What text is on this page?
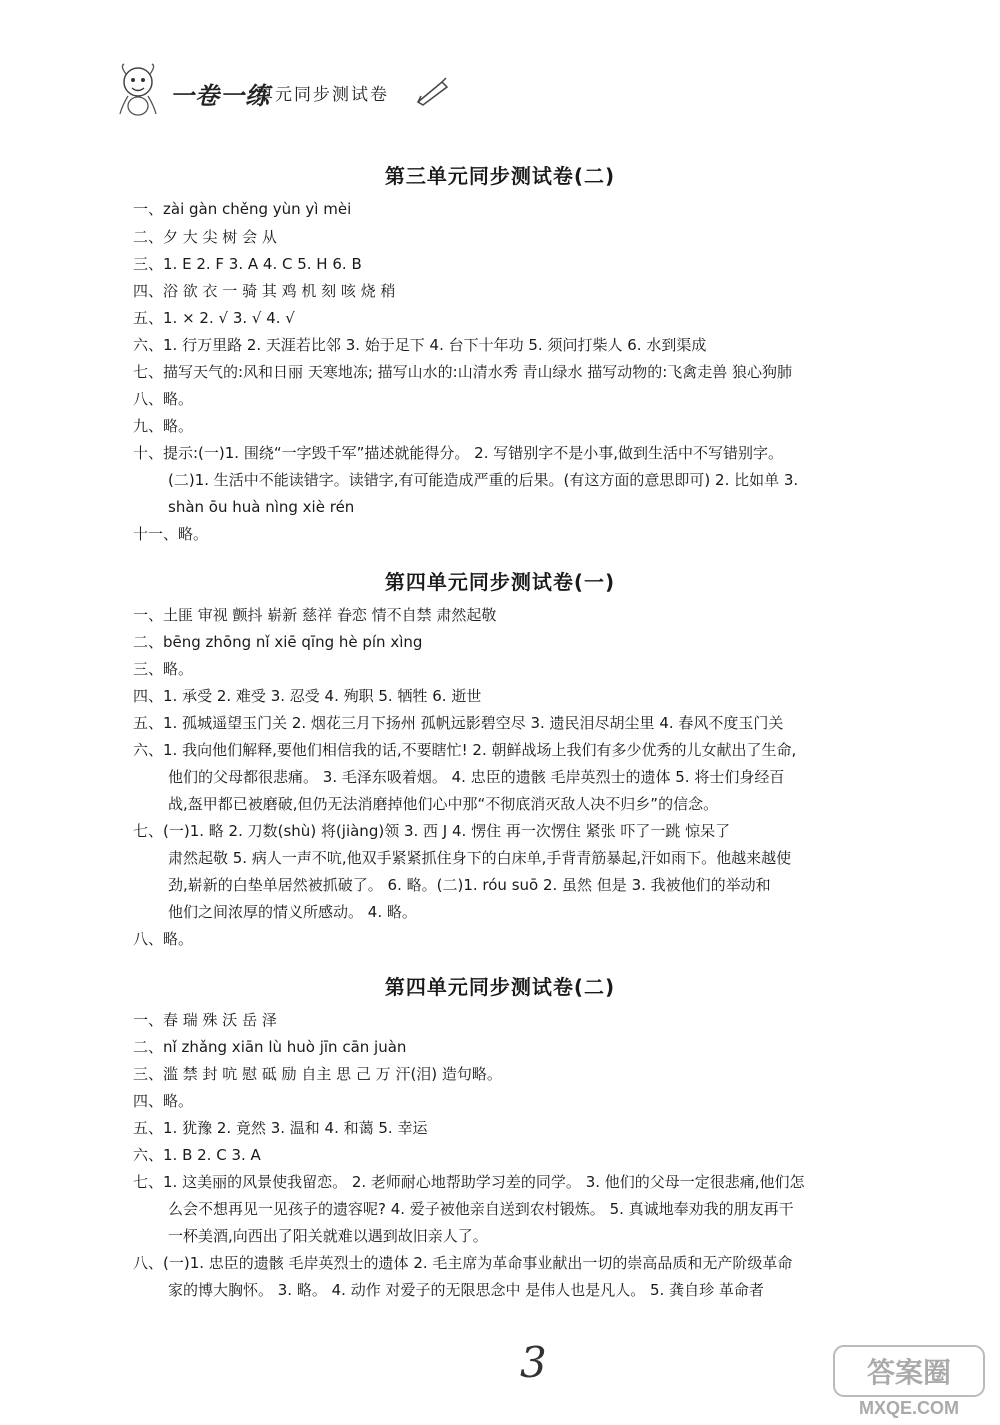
一卷一练
单元同步测试卷
第三单元同步测试卷(二)
一、zài gàn chěng yùn yì mèi
二、夕 大 尖 树 会 从
三、1. E 2. F 3. A 4. C 5. H 6. B
四、浴 欲 衣 一 骑 其 鸡 机 刻 咳 烧 稍
五、1. × 2. √ 3. √ 4. √
六、1. 行万里路 2. 天涯若比邻 3. 始于足下 4. 台下十年功 5. 须问打柴人 6. 水到渠成
七、描写天气的:风和日丽 天寒地冻; 描写山水的:山清水秀 青山绿水 描写动物的:飞禽走兽 狼心狗肺
八、略。
九、略。
十、提示:(一)1. 围绕“一字毁千军”描述就能得分。 2. 写错别字不是小事,做到生活中不写错别字。
(二)1. 生活中不能读错字。读错字,有可能造成严重的后果。(有这方面的意思即可) 2. 比如单 3.
shàn ōu huà nìng xiè rén
十一、略。
第四单元同步测试卷(一)
一、土匪 审视 颤抖 崭新 慈祥 眷恋 情不自禁 肃然起敬
二、bēng zhōng nǐ xiē qīng hè pín xìng
三、略。
四、1. 承受 2. 难受 3. 忍受 4. 殉职 5. 牺牲 6. 逝世
五、1. 孤城遥望玉门关 2. 烟花三月下扬州 孤帆远影碧空尽 3. 遗民泪尽胡尘里 4. 春风不度玉门关
六、1. 我向他们解释,要他们相信我的话,不要瞎忙! 2. 朝鲜战场上我们有多少优秀的儿女献出了生命,
他们的父母都很悲痛。 3. 毛泽东吸着烟。 4. 忠臣的遗骸 毛岸英烈士的遗体 5. 将士们身经百
战,盔甲都已被磨破,但仍无法消磨掉他们心中那“不彻底消灭敌人决不归乡”的信念。
七、(一)1. 略 2. 刀数(shù) 将(jiàng)领 3. 西 J 4. 愣住 再一次愣住 紧张 吓了一跳 惊呆了
肃然起敬 5. 病人一声不吭,他双手紧紧抓住身下的白床单,手背青筋暴起,汗如雨下。他越来越使
劲,崭新的白垫单居然被抓破了。 6. 略。(二)1. róu suō 2. 虽然 但是 3. 我被他们的举动和
他们之间浓厚的情义所感动。 4. 略。
八、略。
第四单元同步测试卷(二)
一、春 瑞 殊 沃 岳 泽
二、nǐ zhǎng xiān lù huò jīn cān juàn
三、滥 禁 封 吭 慰 砥 励 自主 思 己 万 汗(泪) 造句略。
四、略。
五、1. 犹豫 2. 竟然 3. 温和 4. 和蔼 5. 幸运
六、1. B 2. C 3. A
七、1. 这美丽的风景使我留恋。 2. 老师耐心地帮助学习差的同学。 3. 他们的父母一定很悲痛,他们怎
么会不想再见一见孩子的遗容呢? 4. 爱子被他亲自送到农村锻炼。 5. 真诚地奉劝我的朋友再干
一杯美酒,向西出了阳关就难以遇到故旧亲人了。
八、(一)1. 忠臣的遗骸 毛岸英烈士的遗体 2. 毛主席为革命事业献出一切的崇高品质和无产阶级革命
家的博大胸怀。 3. 略。 4. 动作 对爱子的无限思念中 是伟人也是凡人。 5. 龚自珍 革命者
3	答案圈
MXQE.COM
